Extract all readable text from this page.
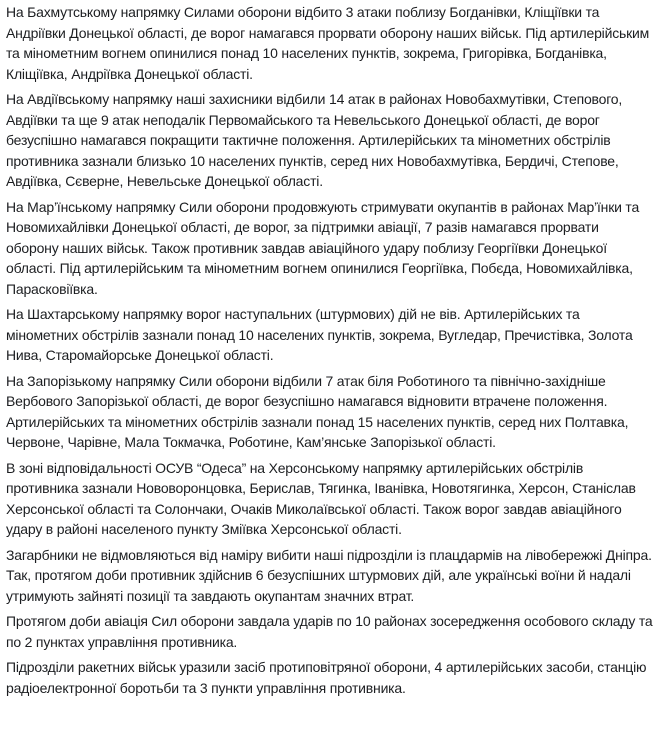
На Бахмутському напрямку Силами оборони відбито 3 атаки поблизу Богданівки, Кліщіївки та Андріївки Донецької області, де ворог намагався прорвати оборону наших військ. Під артилерійським та мінометним вогнем опинилися понад 10 населених пунктів, зокрема, Григорівка, Богданівка, Кліщіївка, Андріївка Донецької області.

На Авдіївському напрямку наші захисники відбили 14 атак в районах Новобахмутівки, Степового, Авдіївки та ще 9 атак неподалік Первомайського та Невельського Донецької області, де ворог безуспішно намагався покращити тактичне положення. Артилерійських та мінометних обстрілів противника зазнали близько 10 населених пунктів, серед них Новобахмутівка, Бердичі, Степове, Авдіївка, Сєверне, Невельське Донецької області.

На Мар’їнському напрямку Сили оборони продовжують стримувати окупантів в районах Мар’їнки та Новомихайлівки Донецької області, де ворог, за підтримки авіації, 7 разів намагався прорвати оборону наших військ. Також противник завдав авіаційного удару поблизу Георгіївки Донецької області. Під артилерійським та мінометним вогнем опинилися Георгіївка, Побєда, Новомихайлівка, Парасковіївка.

На Шахтарському напрямку ворог наступальних (штурмових) дій не вів. Артилерійських та мінометних обстрілів зазнали понад 10 населених пунктів, зокрема, Вугледар, Пречистівка, Золота Нива, Старомайорське Донецької області.

На Запорізькому напрямку Сили оборони відбили 7 атак біля Роботиного та північно-західніше Вербового Запорізької області, де ворог безуспішно намагався відновити втрачене положення. Артилерійських та мінометних обстрілів зазнали понад 15 населених пунктів, серед них Полтавка, Червоне, Чарівне, Мала Токмачка, Роботине, Кам’янське Запорізької області.

В зоні відповідальності ОСУВ “Одеса” на Херсонському напрямку артилерійських обстрілів противника зазнали Нововоронцовка, Берислав, Тягинка, Іванівка, Новотягинка, Херсон, Станіслав Херсонської області та Солончаки, Очаків Миколаївської області. Також ворог завдав авіаційного удару в районі населеного пункту Зміївка Херсонської області.

Загарбники не відмовляються від наміру вибити наші підрозділи із плацдармів на лівобережжі Дніпра. Так, протягом доби противник здійснив 6 безуспішних штурмових дій, але українські воїни й надалі утримують зайняті позиції та завдають окупантам значних втрат.

Протягом доби авіація Сил оборони завдала ударів по 10 районах зосередження особового складу та по 2 пунктах управління противника.

Підрозділи ракетних військ уразили засіб протиповітряної оборони, 4 артилерійських засоби, станцію радіоелектронної боротьби та 3 пункти управління противника.
